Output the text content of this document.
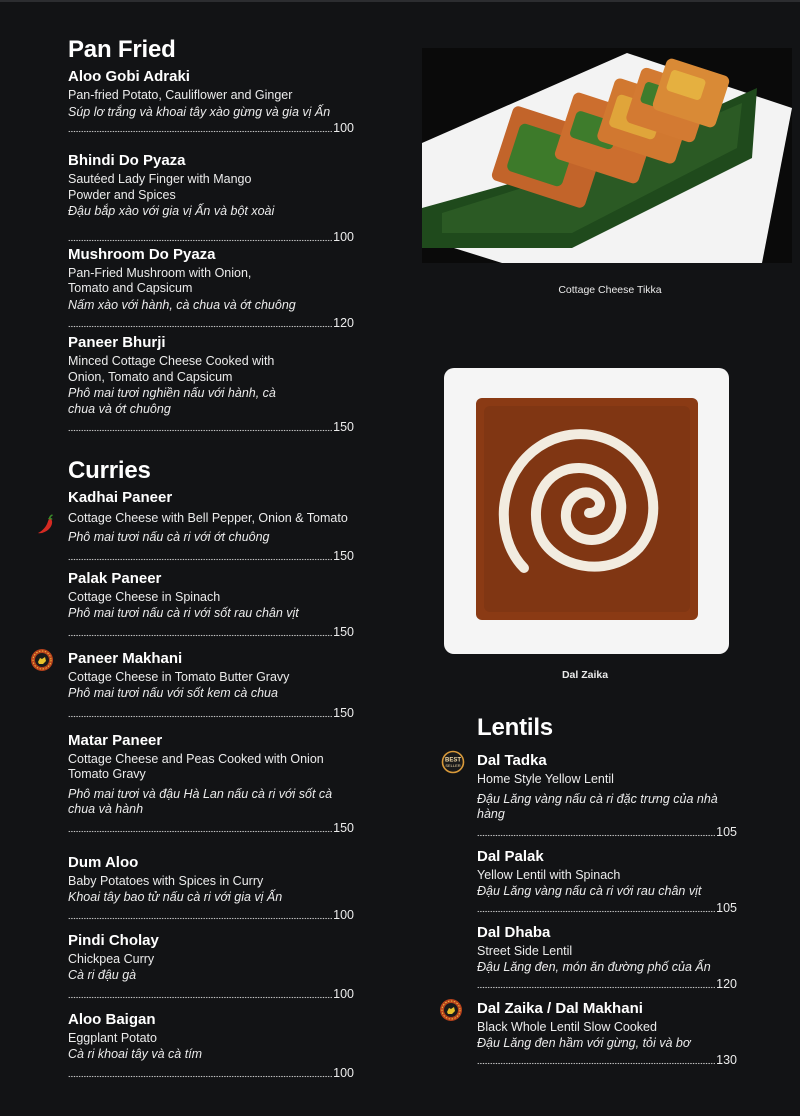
Pan Fried
Aloo Gobi Adraki
Pan-fried Potato, Cauliflower and Ginger
Súp lơ trắng và khoai tây xào gừng và gia vị Ấn
100
Bhindi Do Pyaza
Sautéed Lady Finger with Mango Powder and Spices
Đậu bắp xào với gia vị Ấn và bột xoài
100
Mushroom Do Pyaza
Pan-Fried Mushroom with Onion, Tomato and Capsicum
Nấm xào với hành, cà chua và ớt chuông
120
Paneer Bhurji
Minced Cottage Cheese Cooked with Onion, Tomato and Capsicum
Phô mai tươi nghiền nấu với hành, cà chua và ớt chuông
150
Curries
Kadhai Paneer
Cottage Cheese with Bell Pepper, Onion & Tomato
Phô mai tươi nấu cà ri với ớt chuông
150
Palak Paneer
Cottage Cheese in Spinach
Phô mai tươi nấu cà ri với sốt rau chân vịt
150
Paneer Makhani
Cottage Cheese in Tomato Butter Gravy
Phô mai tươi nấu với sốt kem cà chua
150
Matar Paneer
Cottage Cheese and Peas Cooked with Onion Tomato Gravy
Phô mai tươi và đậu Hà Lan nấu cà ri với sốt cà chua và hành
150
Dum Aloo
Baby Potatoes with Spices in Curry
Khoai tây bao tử nấu cà ri với gia vị Ấn
100
Pindi Cholay
Chickpea Curry
Cà ri đậu gà
100
Aloo Baigan
Eggplant Potato
Cà ri khoai tây và cà tím
100
Cottage Cheese Tikka
Dal Zaika
Lentils
BEST
SELLER Dal Tadka
Home Style Yellow Lentil
Đậu Lăng vàng nấu cà ri đặc trưng của nhà hàng
105
Dal Palak
Yellow Lentil with Spinach
Đậu Lăng vàng nấu cà ri với rau chân vịt
105
Dal Dhaba
Street Side Lentil
Đậu Lăng đen, món ăn đường phố của Ấn
120
Dal Zaika / Dal Makhani
Black Whole Lentil Slow Cooked
Đậu Lăng đen hầm với gừng, tỏi và bơ
130
